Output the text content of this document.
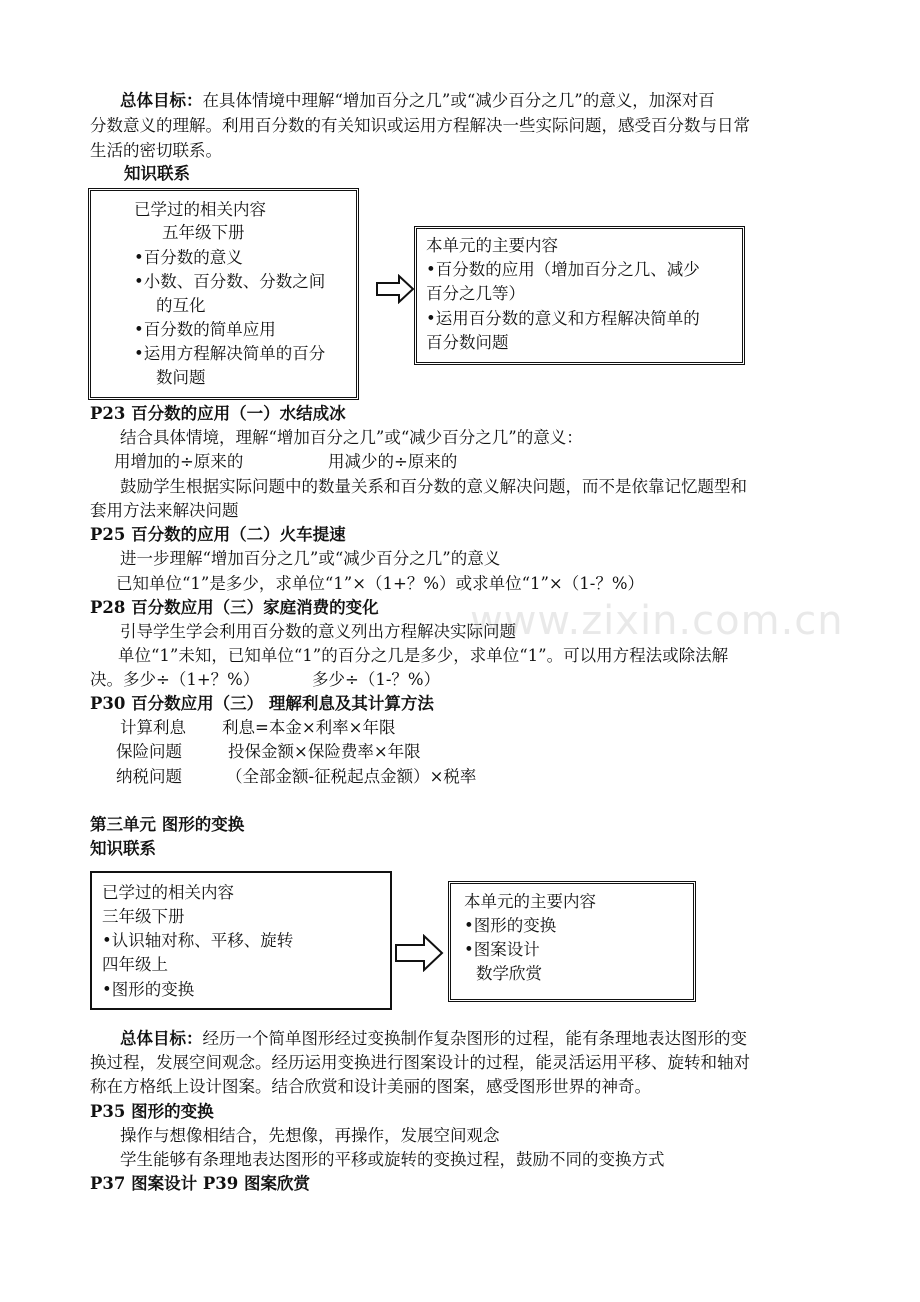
www.zixin.com.cn

总体目标：在具体情境中理解“增加百分之几”或“减少百分之几”的意义，加深对百

分数意义的理解。利用百分数的有关知识或运用方程解决一些实际问题，感受百分数与日常

生活的密切联系。

知识联系

已学过的相关内容

五年级下册

•百分数的意义

•小数、百分数、分数之间

的互化

•百分数的简单应用

•运用方程解决简单的百分

数问题

本单元的主要内容

•百分数的应用（增加百分之几、减少

百分之几等）

•运用百分数的意义和方程解决简单的

百分数问题

P23 百分数的应用（一）水结成冰

结合具体情境，理解“增加百分之几”或“减少百分之几”的意义：

用增加的÷原来的	用减少的÷原来的

鼓励学生根据实际问题中的数量关系和百分数的意义解决问题，而不是依靠记忆题型和

套用方法来解决问题

P25 百分数的应用（二）火车提速

进一步理解“增加百分之几”或“减少百分之几”的意义

已知单位“1”是多少，求单位“1”×（1+？%）或求单位“1”×（1-？%）

P28 百分数应用（三）家庭消费的变化

引导学生学会利用百分数的意义列出方程解决实际问题

单位“1”未知，已知单位“1”的百分之几是多少，求单位“1”。可以用方程法或除法解

决。多少÷（1+？%）	多少÷（1-？%）

P30 百分数应用（三） 理解利息及其计算方法

计算利息 利息=本金×利率×年限

保险问题	投保金额×保险费率×年限

纳税问题	（全部金额-征税起点金额）×税率

第三单元 图形的变换

知识联系

已学过的相关内容

三年级下册

•认识轴对称、平移、旋转

四年级上

•图形的变换

本单元的主要内容

•图形的变换

•图案设计

数学欣赏

总体目标：经历一个简单图形经过变换制作复杂图形的过程，能有条理地表达图形的变

换过程，发展空间观念。经历运用变换进行图案设计的过程，能灵活运用平移、旋转和轴对

称在方格纸上设计图案。结合欣赏和设计美丽的图案，感受图形世界的神奇。

P35 图形的变换

操作与想像相结合，先想像，再操作，发展空间观念

学生能够有条理地表达图形的平移或旋转的变换过程，鼓励不同的变换方式

P37 图案设计 P39 图案欣赏
